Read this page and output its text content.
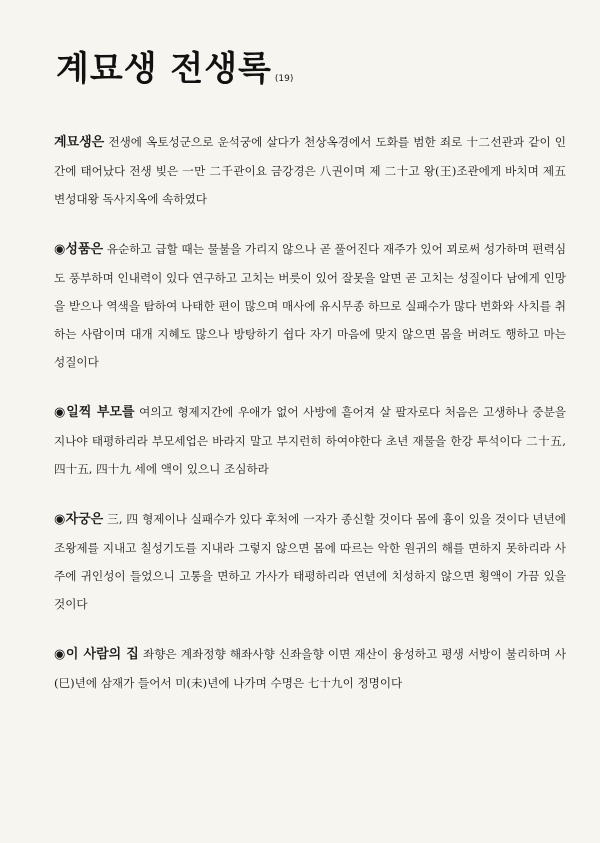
계묘생 전생록 (19)

계묘생은 전생에 옥토성군으로 운석궁에 살다가 천상옥경에서 도화를 범한 죄로 十二선관과 같이 인간에 태어났다 전생 빚은 一만 二千관이요 금강경은 八권이며 제 二十고 왕(王)조관에게 바치며 제五 변성대왕 독사지옥에 속하였다

◉성품은 유순하고 급할 때는 물불을 가리지 않으나 곧 풀어진다 재주가 있어 꾀로써 성가하며 편력심도 풍부하며 인내력이 있다 연구하고 고치는 버릇이 있어 잘못을 알면 곧 고치는 성질이다 남에게 인망을 받으나 역색을 탐하여 나태한 편이 많으며 매사에 유시무종 하므로 실패수가 많다 번화와 사치를 취하는 사람이며 대개 지혜도 많으나 방탕하기 쉽다 자기 마음에 맞지 않으면 몸을 버려도 행하고 마는 성질이다

◉일찍 부모를 여의고 형제지간에 우애가 없어 사방에 흩어져 살 팔자로다 처음은 고생하나 중분을 지나야 태평하리라 부모세업은 바라지 말고 부지런히 하여야한다 초년 재물을 한강 투석이다 二十五, 四十五, 四十九 세에 액이 있으니 조심하라

◉자궁은 三, 四 형제이나 실패수가 있다 후처에 一자가 종신할 것이다 몸에 흉이 있을 것이다 년년에 조왕제를 지내고 칠성기도를 지내라 그렇지 않으면 몸에 따르는 악한 원귀의 해를 면하지 못하리라 사주에 귀인성이 들었으니 고통을 면하고 가사가 태평하리라 연년에 치성하지 않으면 횡액이 가끔 있을 것이다

◉이 사람의 집 좌향은 계좌정향 해좌사향 신좌을향 이면 재산이 융성하고 평생 서방이 불리하며 사(巳)년에 삼재가 들어서 미(未)년에 나가며 수명은 七十九이 정명이다
